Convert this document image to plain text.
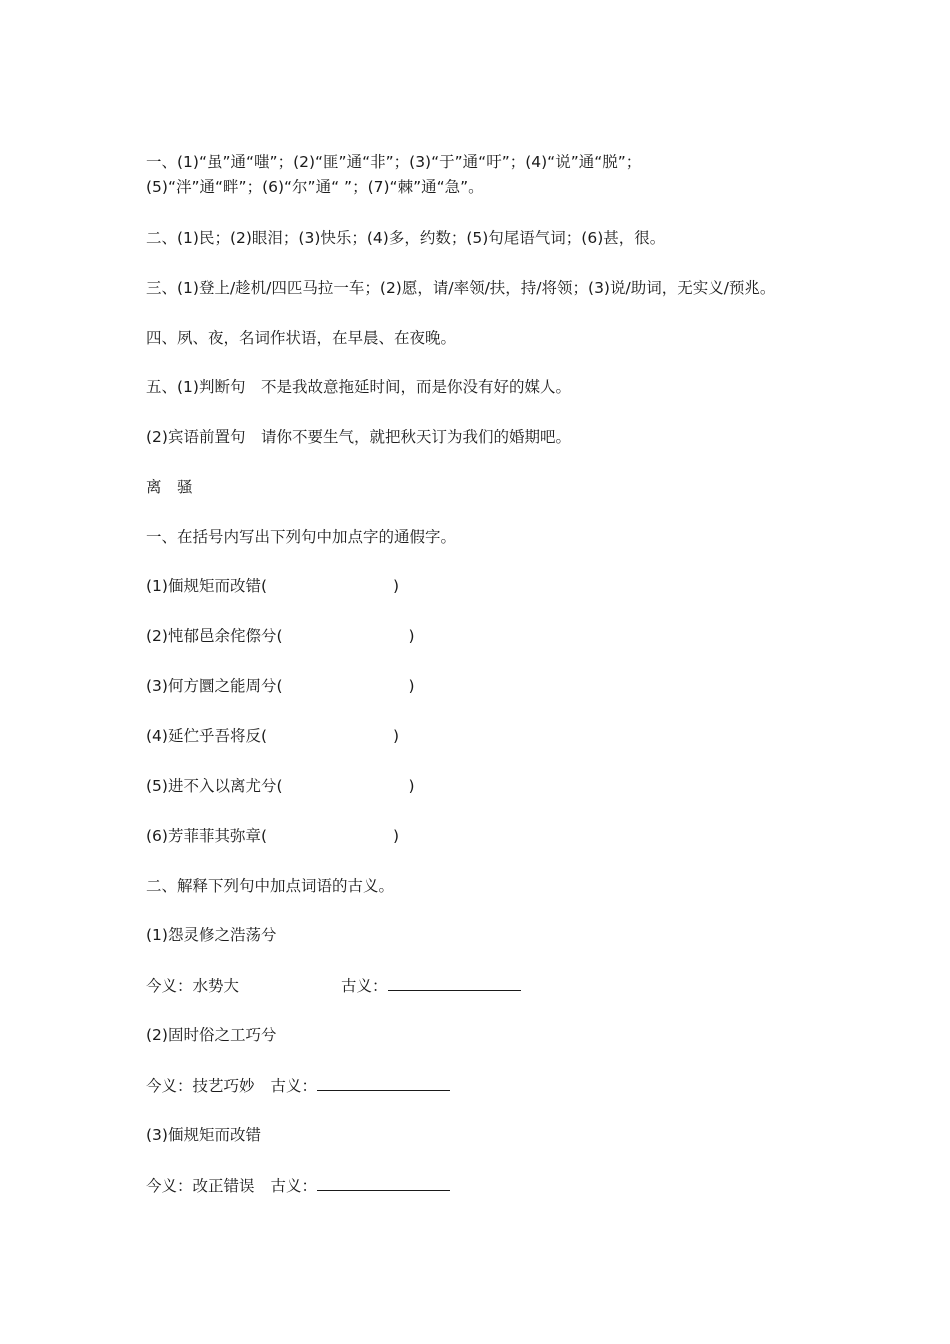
一、(1)“虽”通“嗤”；(2)“匪”通“非”；(3)“于”通“吁”；(4)“说”通“脱”；
(5)“泮”通“畔”；(6)“尔”通“ ”；(7)“棘”通“急”。
二、(1)民；(2)眼泪；(3)快乐；(4)多，约数；(5)句尾语气词；(6)甚，很。
三、(1)登上/趁机/四匹马拉一车；(2)愿，请/率领/扶，持/将领；(3)说/助词，无实义/预兆。
四、夙、夜，名词作状语，在早晨、在夜晚。
五、(1)判断句　不是我故意拖延时间，而是你没有好的媒人。
(2)宾语前置句　请你不要生气，就把秋天订为我们的婚期吧。
离　骚
一、在括号内写出下列句中加点字的通假字。
(1)偭规矩而改错(	)
(2)忳郁邑余侘傺兮(	)
(3)何方圜之能周兮(	)
(4)延伫乎吾将反(	)
(5)进不入以离尤兮(	)
(6)芳菲菲其弥章(	)
二、解释下列句中加点词语的古义。
(1)怨灵修之浩荡兮
今义：水势大	古义：
(2)固时俗之工巧兮
今义：技艺巧妙 古义：
(3)偭规矩而改错
今义：改正错误 古义：
